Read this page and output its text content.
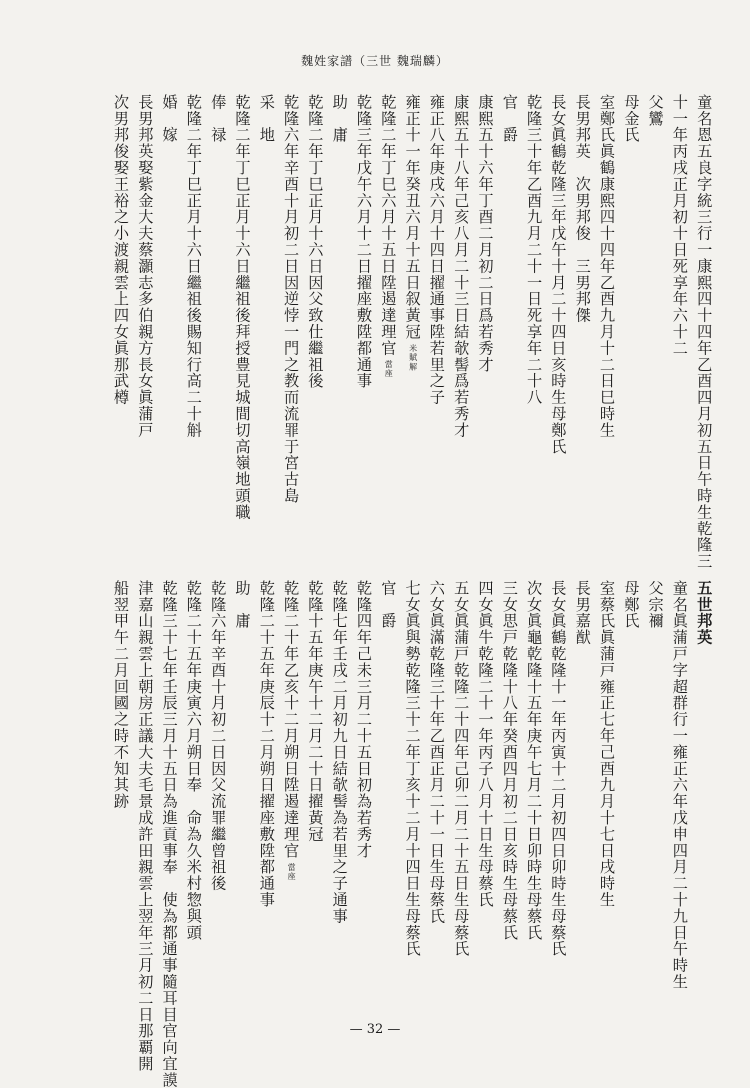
魏姓家譜（三世 魏瑞麟）
童名恩五良字統三行一康熙四十四年乙酉四月初五日午時生乾隆三
十一年丙戌正月初十日死享年六十二
父鸞
母金氏
室鄭氏眞鶴康熙四十四年乙酉九月十二日巳時生
長男邦英　次男邦俊　三男邦傑
長女眞鶴乾隆三年戊午十月二十四日亥時生母鄭氏
乾隆三十年乙酉九月二十一日死享年二十八
官　爵
康熙五十六年丁酉二月初二日爲若秀才
康熙五十八年己亥八月二十三日結欹髻爲若秀才
雍正八年庚戌六月十四日擢通事陞若里之子
雍正十一年癸丑六月十五日叙黃冠米賦解
乾隆二年丁巳六月十五日陞遏達理官當座
乾隆三年戊午六月十二日擢座敷陞都通事
助　庸
乾隆二年丁巳正月十六日因父致仕繼祖後
乾隆六年辛酉十月初二日因逆悖一門之教而流罪于宮古島
采　地
乾隆二年丁巳正月十六日繼祖後拜授豊見城間切高嶺地頭職
俸　禄
乾隆二年丁巳正月十六日繼祖後賜知行高二十斛
婚　嫁
長男邦英娶紫金大夫蔡灝志多伯親方長女眞蒲戸
次男邦俊娶王裕之小渡親雲上四女眞那武樽
五世邦英
童名眞蒲戸字超群行一雍正六年戊申四月二十九日午時生
父宗禰
母鄭氏
室蔡氏眞蒲戸雍正七年己酉九月十七日戌時生
長男嘉猷
長女眞鶴乾隆十一年丙寅十二月初四日卯時生母蔡氏
次女眞龜乾隆十五年庚午七月二十日卯時生母蔡氏
三女思戸乾隆十八年癸酉四月初二日亥時生母蔡氏
四女眞牛乾隆二十一年丙子八月十日生母蔡氏
五女眞蒲戸乾隆二十四年己卯二月二十五日生母蔡氏
六女眞滿乾隆三十年乙酉正月二十一日生母蔡氏
七女眞與勢乾隆三十二年丁亥十二月十四日生母蔡氏
官　爵
乾隆四年己未三月二十五日初為若秀才
乾隆七年壬戌二月初九日結欹髻為若里之子通事
乾隆十五年庚午十二月二十日擢黃冠
乾隆二十年乙亥十二月朔日陞遏達理官當座
乾隆二十五年庚辰十二月朔日擢座敷陞都通事
助　庸
乾隆六年辛酉十月初二日因父流罪繼曾祖後
乾隆二十五年庚寅六月朔日奉　命為久米村惣與頭
乾隆三十七年壬辰三月十五日為進貢事奉　使為都通事隨耳目官向宜謨
津嘉山親雲上朝房正議大夫毛景成許田親雲上翌年三月初二日那覇開
船翌甲午二月回國之時不知其跡
— 32 —
